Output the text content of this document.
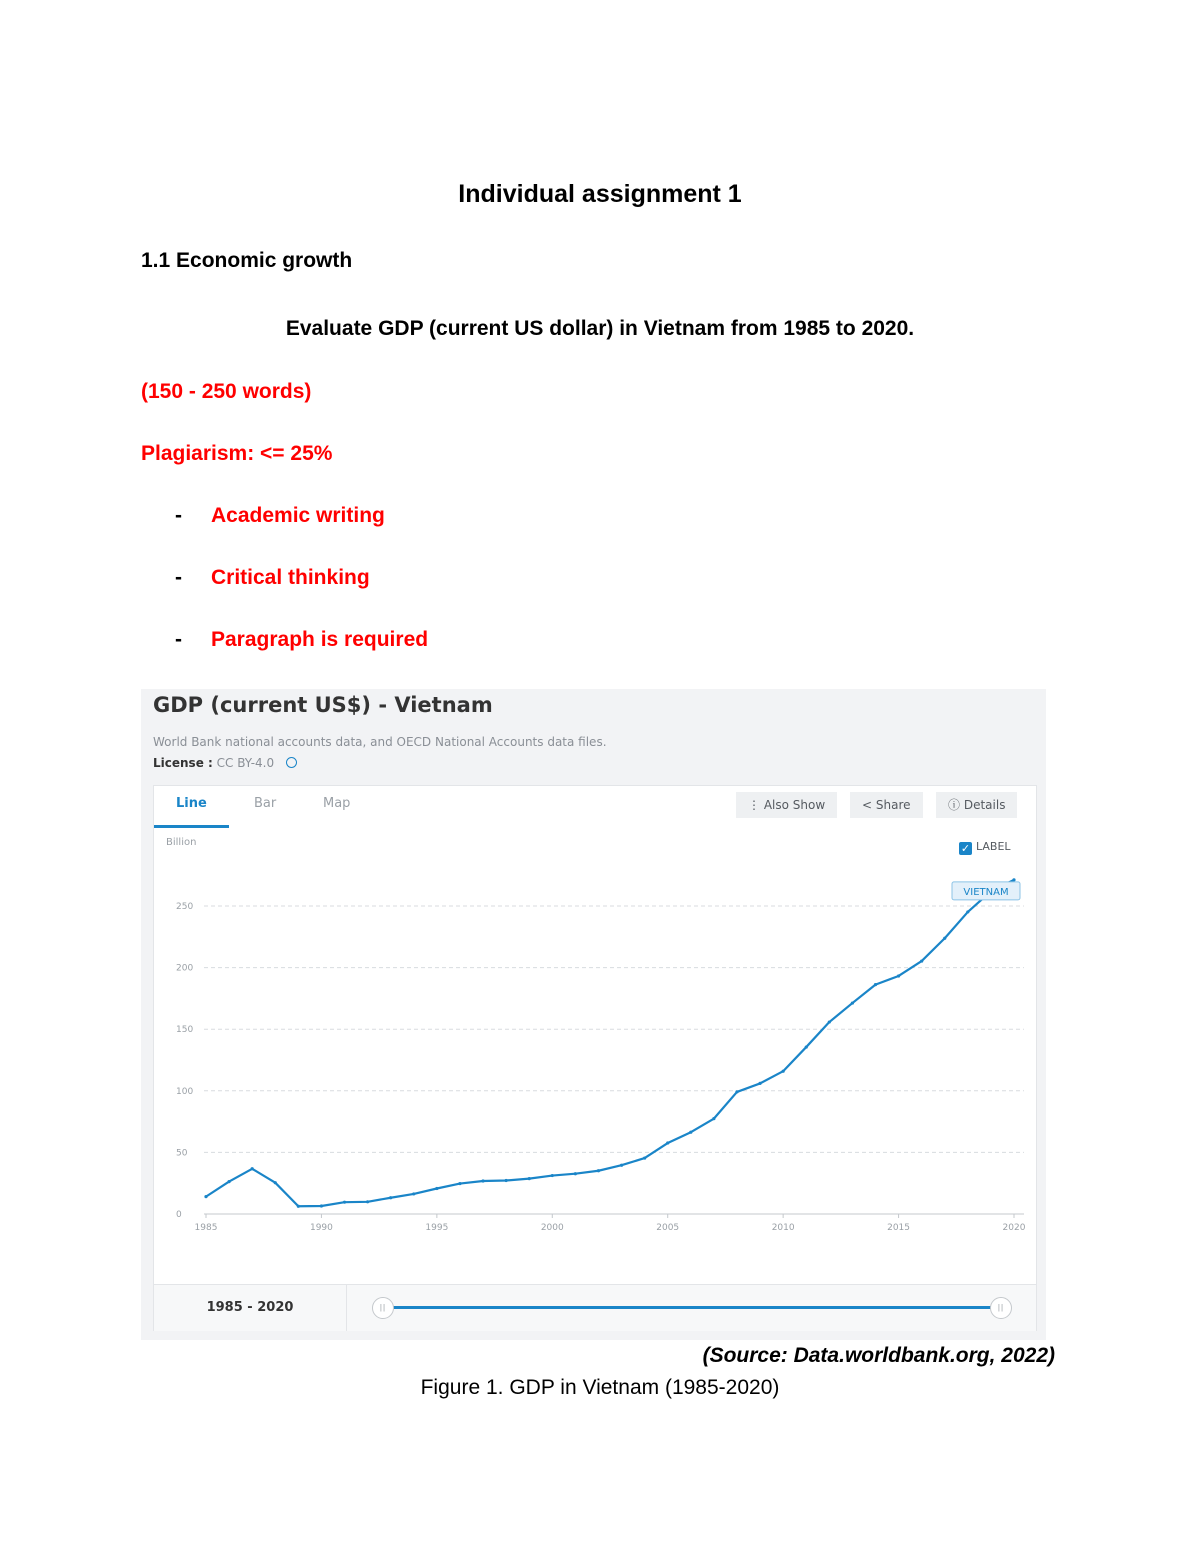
Individual assignment 1
1.1 Economic growth
Evaluate GDP (current US dollar) in Vietnam from 1985 to 2020.
(150 - 250 words)
Plagiarism: <= 25%
- Academic writing
- Critical thinking
- Paragraph is required
GDP (current US$) - Vietnam
World Bank national accounts data, and OECD National Accounts data files.
License : CC BY-4.0
Line	Bar	Map	⋮ Also Show	< Share	ⓘ Details
Billion	✓ LABEL
0
50
100
150
200
250
1985	1990	1995	2000	2005	2010	2015	2020
VIETNAM
1985 - 2020	||	||
(Source: Data.worldbank.org, 2022)
Figure 1. GDP in Vietnam (1985-2020)
